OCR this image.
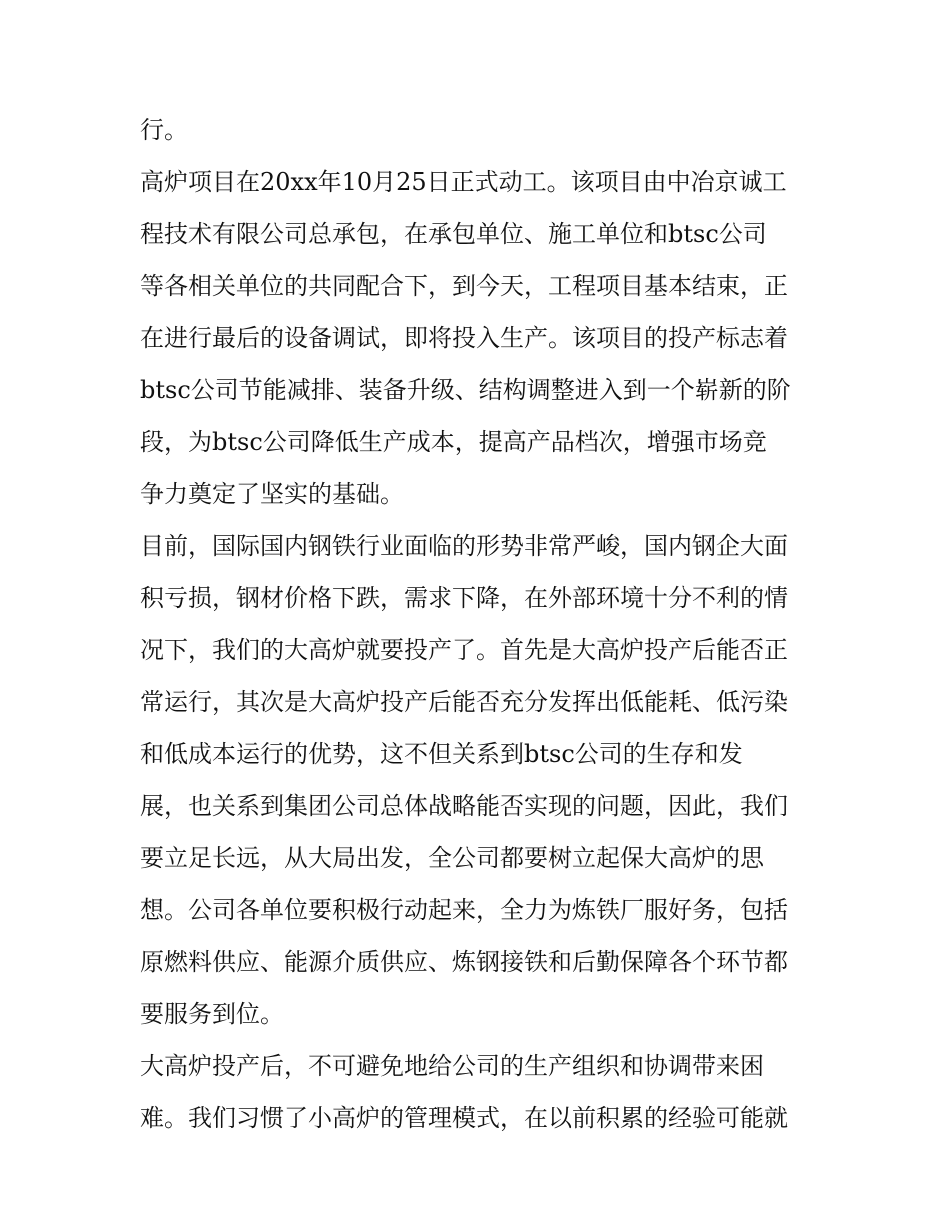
行。

高炉项目在20xx年10月25日正式动工。该项目由中冶京诚工
程技术有限公司总承包，在承包单位、施工单位和btsc公司
等各相关单位的共同配合下，到今天，工程项目基本结束，正
在进行最后的设备调试，即将投入生产。该项目的投产标志着
btsc公司节能减排、装备升级、结构调整进入到一个崭新的阶
段，为btsc公司降低生产成本，提高产品档次，增强市场竞
争力奠定了坚实的基础。

目前，国际国内钢铁行业面临的形势非常严峻，国内钢企大面
积亏损，钢材价格下跌，需求下降，在外部环境十分不利的情
况下，我们的大高炉就要投产了。首先是大高炉投产后能否正
常运行，其次是大高炉投产后能否充分发挥出低能耗、低污染
和低成本运行的优势，这不但关系到btsc公司的生存和发
展，也关系到集团公司总体战略能否实现的问题，因此，我们
要立足长远，从大局出发，全公司都要树立起保大高炉的思
想。公司各单位要积极行动起来，全力为炼铁厂服好务，包括
原燃料供应、能源介质供应、炼钢接铁和后勤保障各个环节都
要服务到位。

大高炉投产后，不可避免地给公司的生产组织和协调带来困
难。我们习惯了小高炉的管理模式，在以前积累的经验可能就
